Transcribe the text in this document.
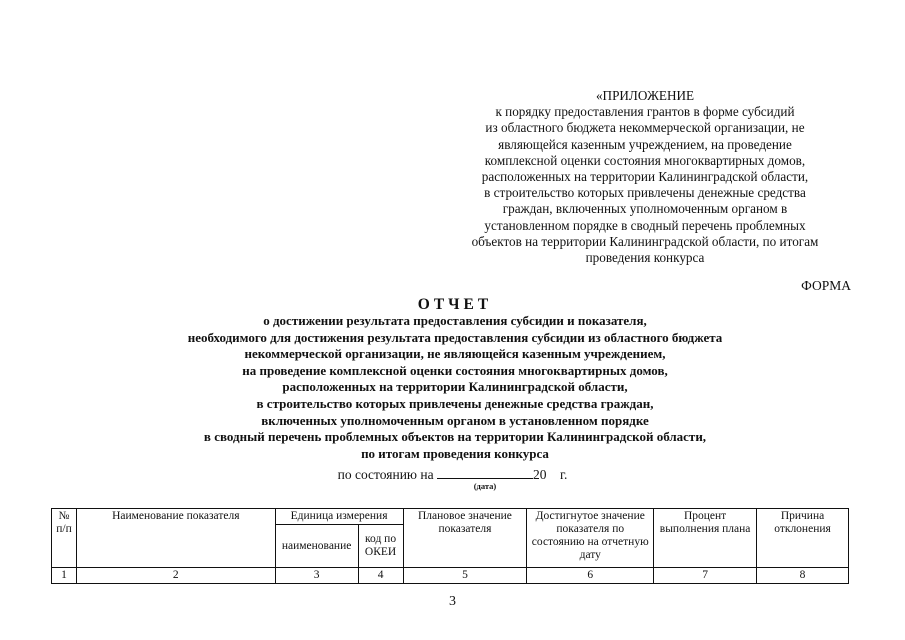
«ПРИЛОЖЕНИЕ
к порядку предоставления грантов в форме субсидий
из областного бюджета некоммерческой организации, не
являющейся казенным учреждением, на проведение
комплексной оценки состояния многоквартирных домов,
расположенных на территории Калининградской области,
в строительство которых привлечены денежные средства
граждан, включенных уполномоченным органом в
установленном порядке в сводный перечень проблемных
объектов на территории Калининградской области, по итогам
проведения конкурса
ФОРМА
ОТЧЕТ
о достижении результата предоставления субсидии и показателя,
необходимого для достижения результата предоставления субсидии из областного бюджета
некоммерческой организации, не являющейся казенным учреждением,
на проведение комплексной оценки состояния многоквартирных домов,
расположенных на территории Калининградской области,
в строительство которых привлечены денежные средства граждан,
включенных уполномоченным органом в установленном порядке
в сводный перечень проблемных объектов на территории Калининградской области,
по итогам проведения конкурса
по состоянию на
(дата)
20 г.
№ п/п	Наименование показателя	Единица измерения		Плановое значение показателя	Достигнутое значение показателя по состоянию на отчетную дату	Процент выполнения плана	Причина отклонения
		наименование	код по ОКЕИ				
1	2	3	4	5	6	7	8
3
